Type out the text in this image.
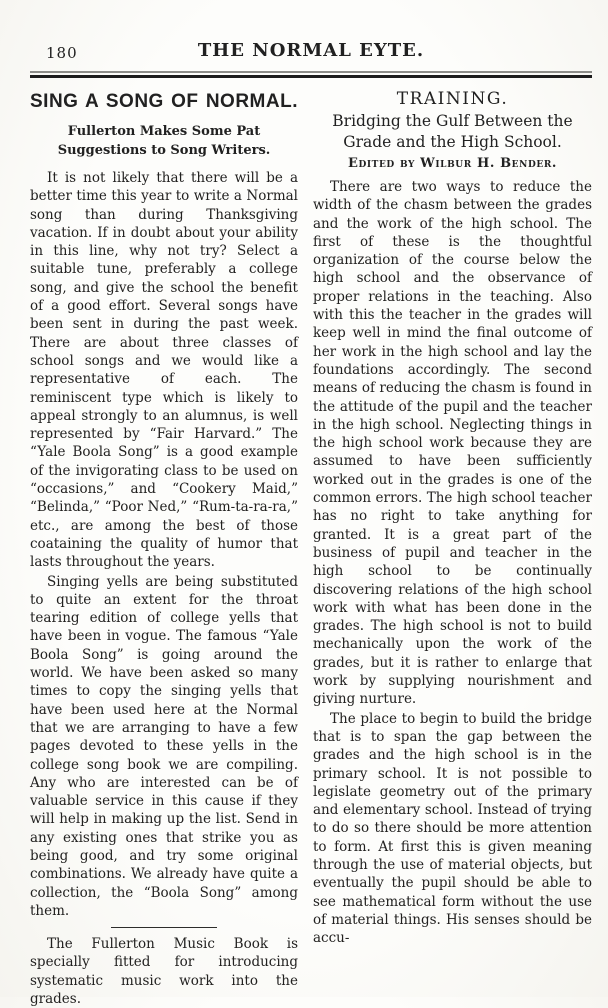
180	THE NORMAL EYTE.
SING A SONG OF NORMAL.
Fullerton Makes Some Pat Suggestions to Song Writers.

It is not likely that there will be a better time this year to write a Normal song than during Thanksgiving vacation. If in doubt about your ability in this line, why not try? Select a suitable tune, preferably a college song, and give the school the benefit of a good effort. Several songs have been sent in during the past week. There are about three classes of school songs and we would like a representative of each. The reminiscent type which is likely to appeal strongly to an alumnus, is well represented by “Fair Harvard.” The “Yale Boola Song” is a good example of the invigorating class to be used on “occasions,” and “Cookery Maid,” “Belinda,” “Poor Ned,” “Rum-ta-ra-ra,” etc., are among the best of those coataining the quality of humor that lasts throughout the years.

Singing yells are being substituted to quite an extent for the throat tearing edition of college yells that have been in vogue. The famous “Yale Boola Song” is going around the world. We have been asked so many times to copy the singing yells that have been used here at the Normal that we are arranging to have a few pages devoted to these yells in the college song book we are compiling. Any who are interested can be of valuable service in this cause if they will help in making up the list. Send in any existing ones that strike you as being good, and try some original combinations. We already have quite a collection, the “Boola Song” among them.

The Fullerton Music Book is specially fitted for introducing systematic music work into the grades.

TRAINING.
Bridging the Gulf Between the Grade and the High School.
Edited by Wilbur H. Bender.

There are two ways to reduce the width of the chasm between the grades and the work of the high school. The first of these is the thoughtful organization of the course below the high school and the observance of proper relations in the teaching. Also with this the teacher in the grades will keep well in mind the final outcome of her work in the high school and lay the foundations accordingly. The second means of reducing the chasm is found in the attitude of the pupil and the teacher in the high school. Neglecting things in the high school work because they are assumed to have been sufficiently worked out in the grades is one of the common errors. The high school teacher has no right to take anything for granted. It is a great part of the business of pupil and teacher in the high school to be continually discovering relations of the high school work with what has been done in the grades. The high school is not to build mechanically upon the work of the grades, but it is rather to enlarge that work by supplying nourishment and giving nurture.

The place to begin to build the bridge that is to span the gap between the grades and the high school is in the primary school. It is not possible to legislate geometry out of the primary and elementary school. Instead of trying to do so there should be more attention to form. At first this is given meaning through the use of material objects, but eventually the pupil should be able to see mathematical form without the use of material things. His senses should be accu-
